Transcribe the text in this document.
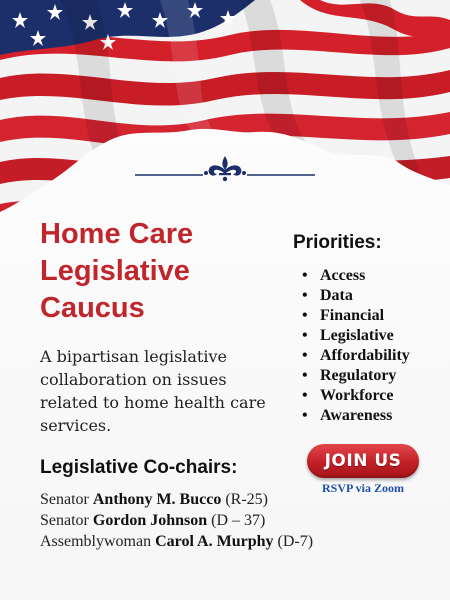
Home Care
Legislative
Caucus

A bipartisan legislative collaboration on issues related to home health care services.

Legislative Co-chairs:
Senator Anthony M. Bucco (R-25)
Senator Gordon Johnson (D – 37)
Assemblywoman Carol A. Murphy (D-7)
Priorities:
• Access
• Data
• Financial
• Legislative
• Affordability
• Regulatory
• Workforce
• Awareness
JOIN US
RSVP via Zoom
